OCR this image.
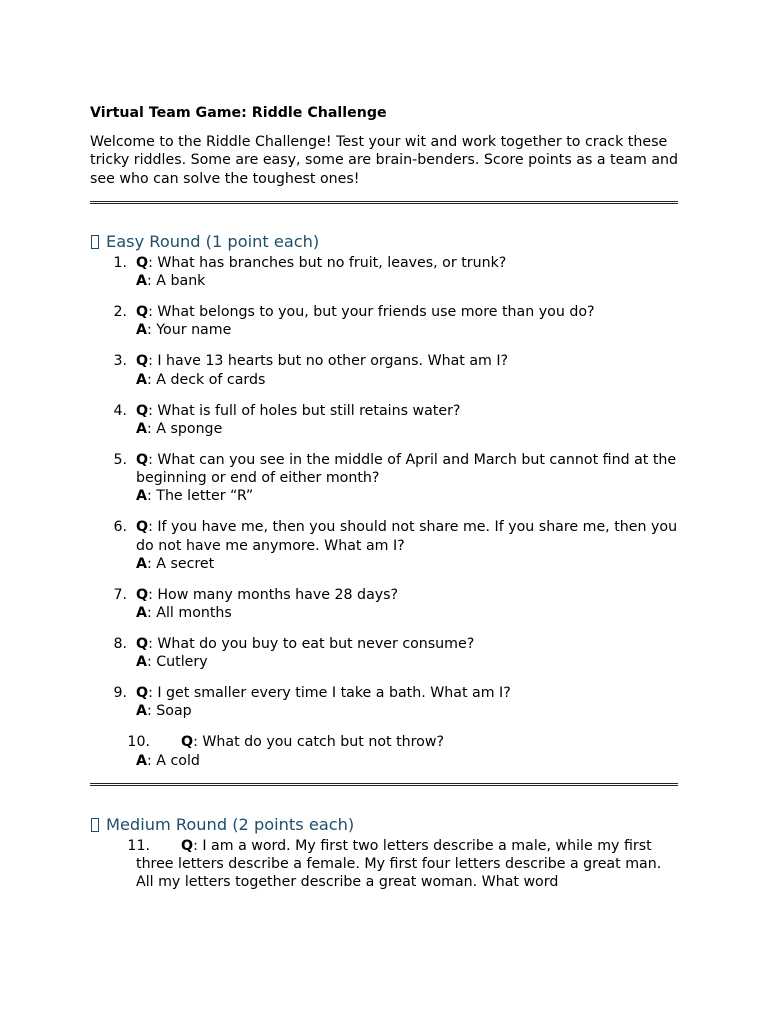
Virtual Team Game: Riddle Challenge

Welcome to the Riddle Challenge! Test your wit and work together to crack these tricky riddles. Some are easy, some are brain-benders. Score points as a team and see who can solve the toughest ones!

Easy Round (1 point each)
1. Q: What has branches but no fruit, leaves, or trunk?
A: A bank
2. Q: What belongs to you, but your friends use more than you do?
A: Your name
3. Q: I have 13 hearts but no other organs. What am I?
A: A deck of cards
4. Q: What is full of holes but still retains water?
A: A sponge
5. Q: What can you see in the middle of April and March but cannot find at the beginning or end of either month?
A: The letter “R”
6. Q: If you have me, then you should not share me. If you share me, then you do not have me anymore. What am I?
A: A secret
7. Q: How many months have 28 days?
A: All months
8. Q: What do you buy to eat but never consume?
A: Cutlery
9. Q: I get smaller every time I take a bath. What am I?
A: Soap
10. Q: What do you catch but not throw?
A: A cold
Medium Round (2 points each)
11. Q: I am a word. My first two letters describe a male, while my first three letters describe a female. My first four letters describe a great man. All my letters together describe a great woman. What word
